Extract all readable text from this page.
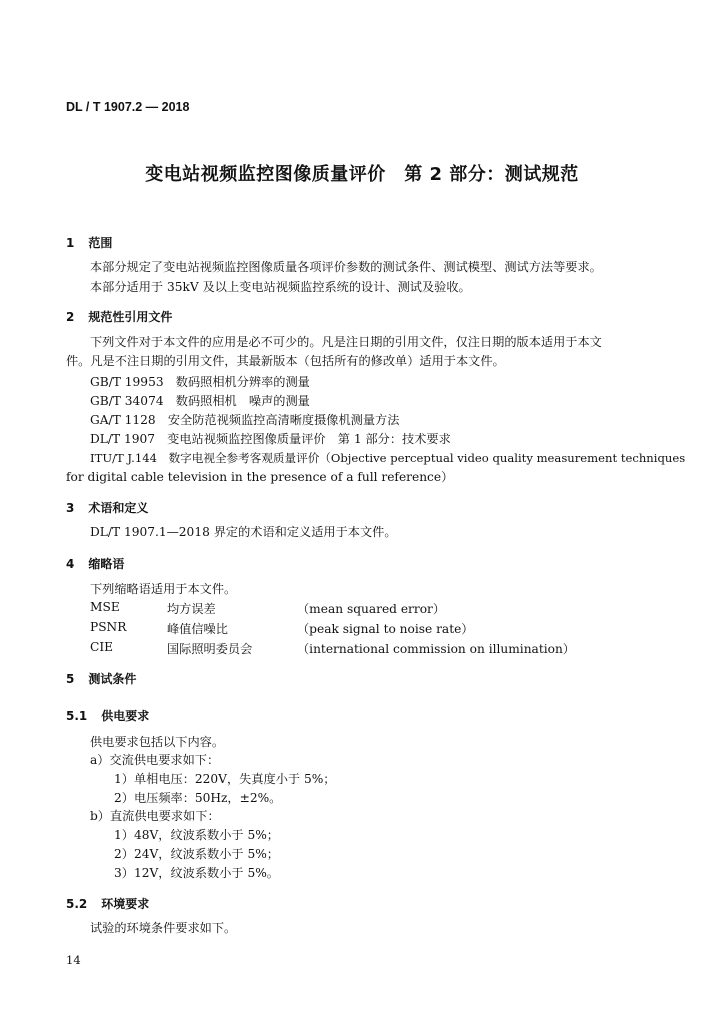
DL / T 1907.2 — 2018
变电站视频监控图像质量评价　第 2 部分：测试规范
1 范围
本部分规定了变电站视频监控图像质量各项评价参数的测试条件、测试模型、测试方法等要求。
本部分适用于 35kV 及以上变电站视频监控系统的设计、测试及验收。
2 规范性引用文件
下列文件对于本文件的应用是必不可少的。凡是注日期的引用文件，仅注日期的版本适用于本文
件。凡是不注日期的引用文件，其最新版本（包括所有的修改单）适用于本文件。
GB/T 19953　数码照相机分辨率的测量
GB/T 34074　数码照相机　噪声的测量
GA/T 1128　安全防范视频监控高清晰度摄像机测量方法
DL/T 1907　变电站视频监控图像质量评价　第 1 部分：技术要求
ITU/T J.144　数字电视全参考客观质量评价（Objective perceptual video quality measurement techniques
for digital cable television in the presence of a full reference）
3 术语和定义
DL/T 1907.1—2018 界定的术语和定义适用于本文件。
4 缩略语
下列缩略语适用于本文件。
MSE	均方误差	（mean squared error）
PSNR	峰值信噪比	（peak signal to noise rate）
CIE	国际照明委员会	（international commission on illumination）
5 测试条件
5.1 供电要求
供电要求包括以下内容。
a）交流供电要求如下：
1）单相电压：220V，失真度小于 5%；
2）电压频率：50Hz，±2%。
b）直流供电要求如下：
1）48V，纹波系数小于 5%；
2）24V，纹波系数小于 5%；
3）12V，纹波系数小于 5%。
5.2 环境要求
试验的环境条件要求如下。
14
